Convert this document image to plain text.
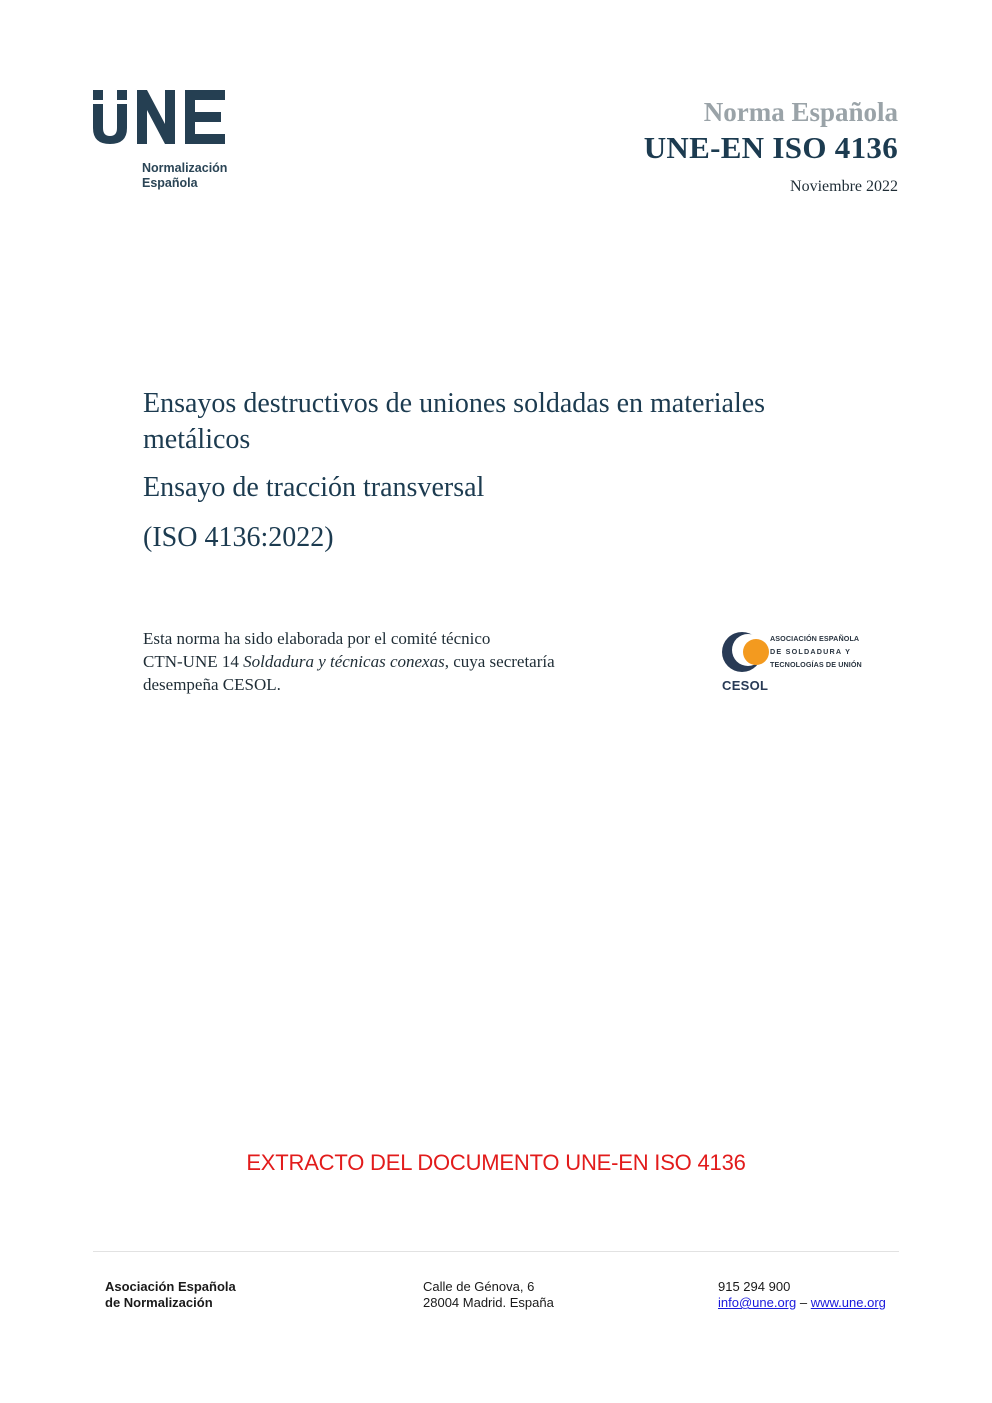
Normalización
Española
Norma Española
UNE-EN ISO 4136
Noviembre 2022
Ensayos destructivos de uniones soldadas en materiales
metálicos
Ensayo de tracción transversal
(ISO 4136:2022)
Esta norma ha sido elaborada por el comité técnico
CTN-UNE 14 Soldadura y técnicas conexas, cuya secretaría
desempeña CESOL.
ASOCIACIÓN ESPAÑOLA
DE SOLDADURA Y
TECNOLOGÍAS DE UNIÓN
CESOL
EXTRACTO DEL DOCUMENTO UNE-EN ISO 4136
Asociación Española
de Normalización
Calle de Génova, 6
28004 Madrid. España
915 294 900
info@une.org – www.une.org
